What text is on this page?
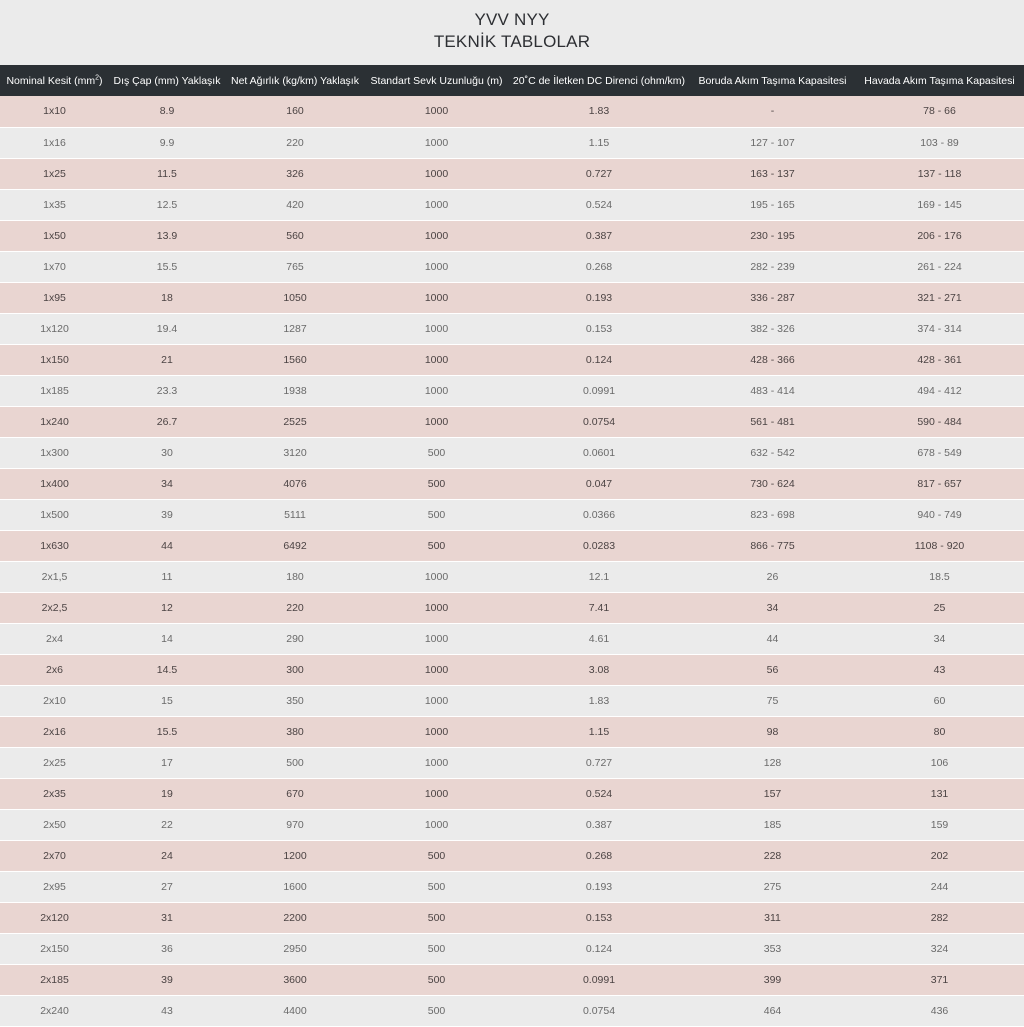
YVV NYY
TEKNİK TABLOLAR
Nominal Kesit $(mm^2)$	Dış Çap (mm) Yaklaşık	Net Ağırlık (kg/km) Yaklaşık	Standart Sevk Uzunluğu (m)	20˚C de İletken DC Direnci (ohm/km)	Boruda Akım Taşıma Kapasitesi	Havada Akım Taşıma Kapasitesi
1x10	8.9	160	1000	1.83	-	78 - 66
1x16	9.9	220	1000	1.15	127 - 107	103 - 89
1x25	11.5	326	1000	0.727	163 - 137	137 - 118
1x35	12.5	420	1000	0.524	195 - 165	169 - 145
1x50	13.9	560	1000	0.387	230 - 195	206 - 176
1x70	15.5	765	1000	0.268	282 - 239	261 - 224
1x95	18	1050	1000	0.193	336 - 287	321 - 271
1x120	19.4	1287	1000	0.153	382 - 326	374 - 314
1x150	21	1560	1000	0.124	428 - 366	428 - 361
1x185	23.3	1938	1000	0.0991	483 - 414	494 - 412
1x240	26.7	2525	1000	0.0754	561 - 481	590 - 484
1x300	30	3120	500	0.0601	632 - 542	678 - 549
1x400	34	4076	500	0.047	730 - 624	817 - 657
1x500	39	5111	500	0.0366	823 - 698	940 - 749
1x630	44	6492	500	0.0283	866 - 775	1108 - 920
2x1,5	11	180	1000	12.1	26	18.5
2x2,5	12	220	1000	7.41	34	25
2x4	14	290	1000	4.61	44	34
2x6	14.5	300	1000	3.08	56	43
2x10	15	350	1000	1.83	75	60
2x16	15.5	380	1000	1.15	98	80
2x25	17	500	1000	0.727	128	106
2x35	19	670	1000	0.524	157	131
2x50	22	970	1000	0.387	185	159
2x70	24	1200	500	0.268	228	202
2x95	27	1600	500	0.193	275	244
2x120	31	2200	500	0.153	311	282
2x150	36	2950	500	0.124	353	324
2x185	39	3600	500	0.0991	399	371
2x240	43	4400	500	0.0754	464	436
